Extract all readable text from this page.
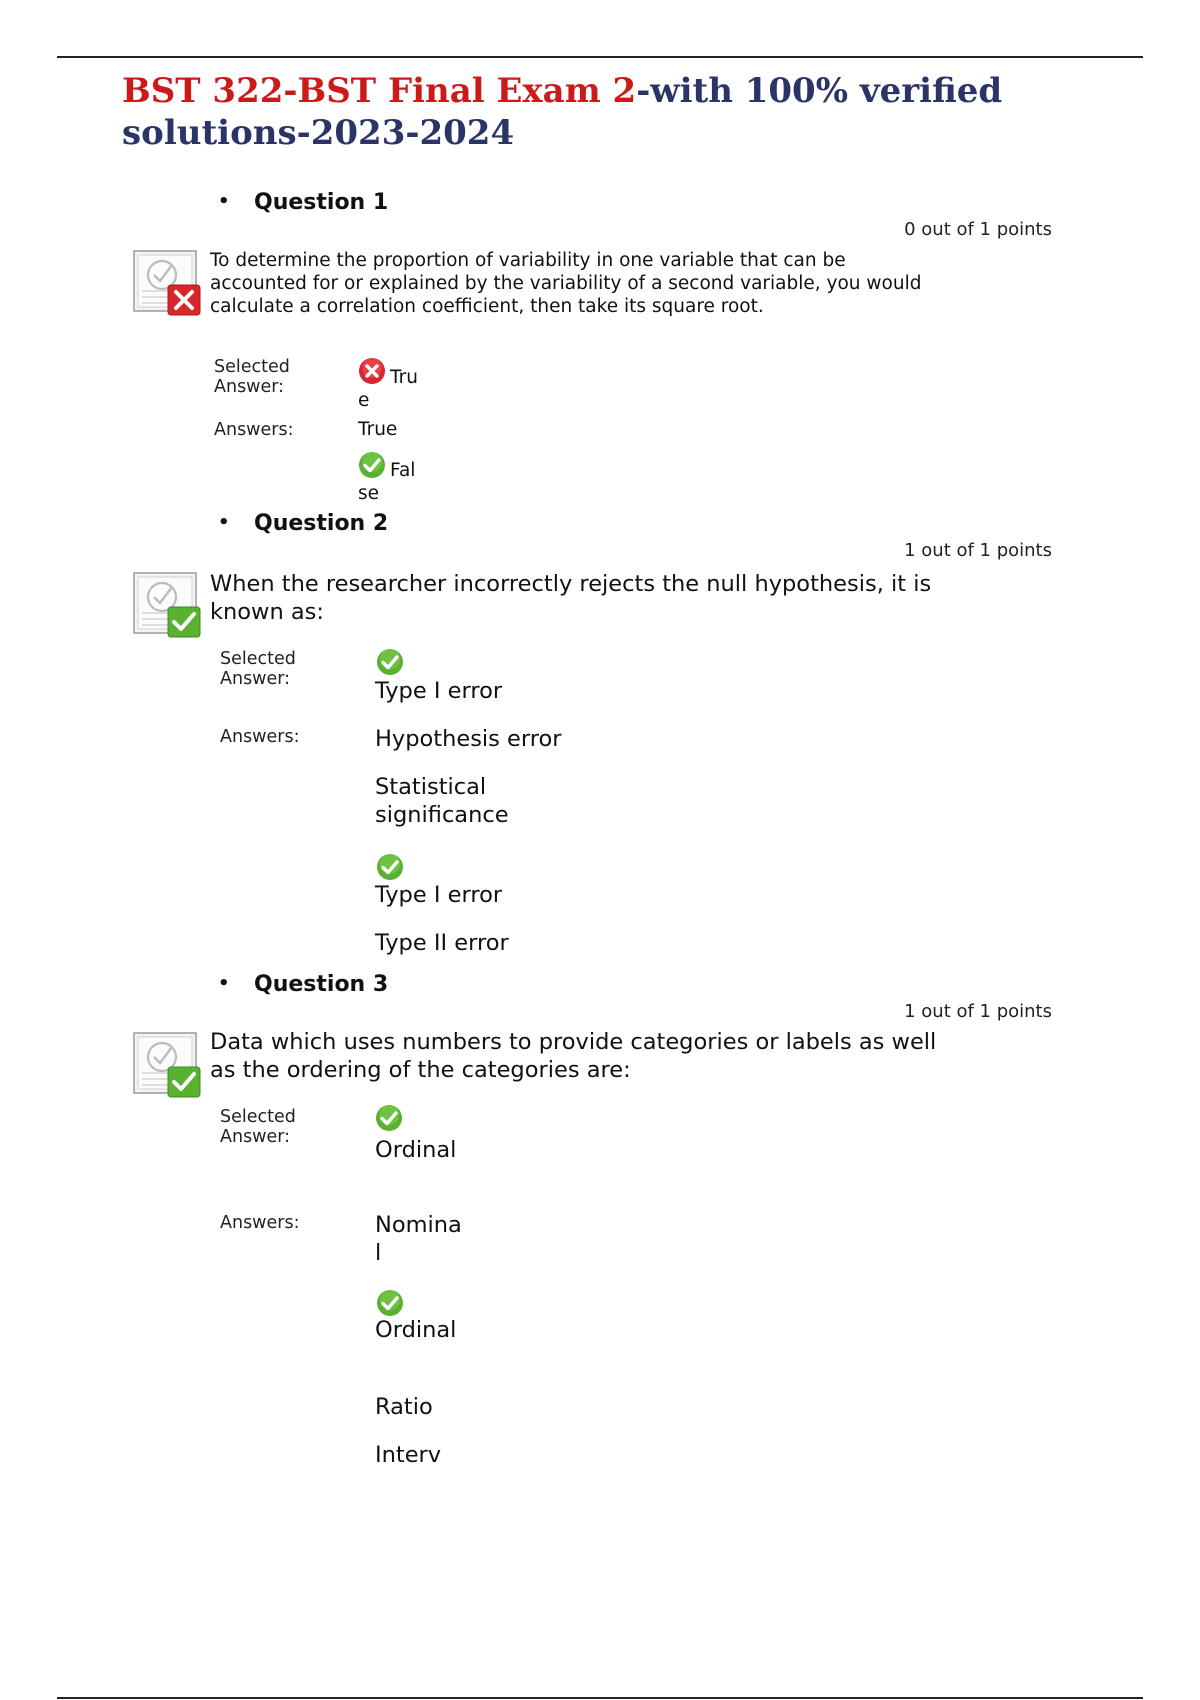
BST 322-BST Final Exam 2-with 100% verified solutions-2023-2024
• Question 1
0 out of 1 points
To determine the proportion of variability in one variable that can be accounted for or explained by the variability of a second variable, you would calculate a correlation coefficient, then take its square root.
Selected Answer:	True
Answers:	True
False
• Question 2
1 out of 1 points
When the researcher incorrectly rejects the null hypothesis, it is known as:
Selected Answer:	Type I error
Answers:	Hypothesis error
Statistical significance
Type I error
Type II error
• Question 3
1 out of 1 points
Data which uses numbers to provide categories or labels as well as the ordering of the categories are:
Selected Answer:	Ordinal
Answers:	Nominal
Ordinal
Ratio
Interv
